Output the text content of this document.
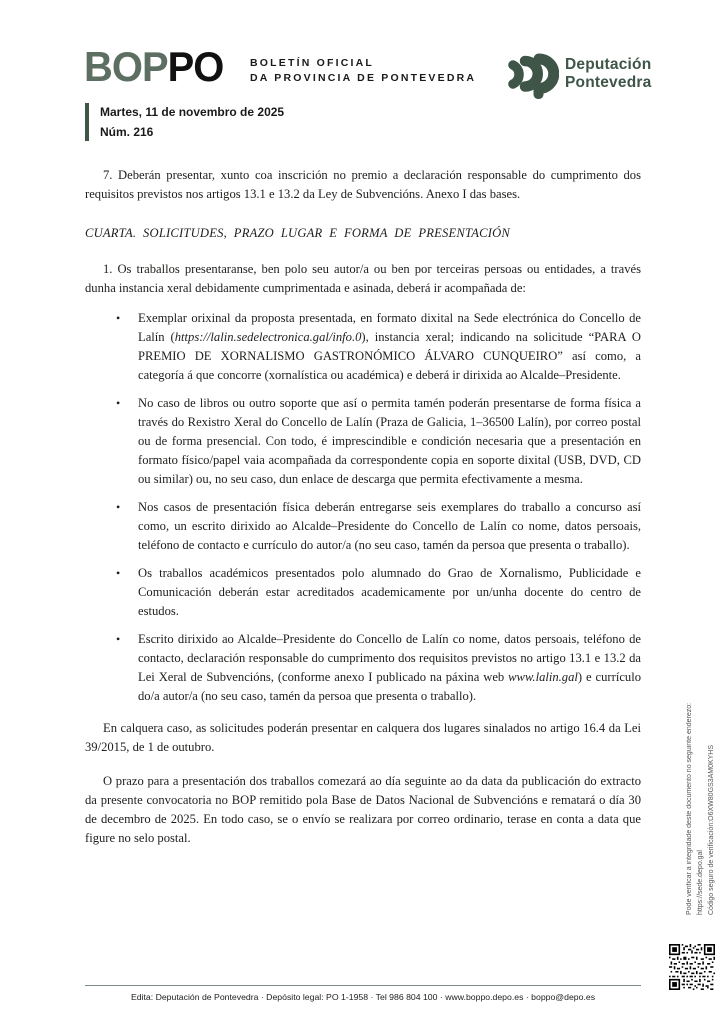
BOPPO	BOLETÍN OFICIAL
DA PROVINCIA DE PONTEVEDRA
Deputación
Pontevedra
Martes, 11 de novembro de 2025
Núm. 216
7. Deberán presentar, xunto coa inscrición no premio a declaración responsable do cumprimento dos requisitos previstos nos artigos 13.1 e 13.2 da Ley de Subvencións. Anexo I das bases.
CUARTA. SOLICITUDES, PRAZO LUGAR E FORMA DE PRESENTACIÓN
1. Os traballos presentaranse, ben polo seu autor/a ou ben por terceiras persoas ou entidades, a través dunha instancia xeral debidamente cumprimentada e asinada, deberá ir acompañada de:
• Exemplar orixinal da proposta presentada, en formato dixital na Sede electrónica do Concello de Lalín (https://lalin.sedelectronica.gal/info.0), instancia xeral; indicando na solicitude “PARA O PREMIO DE XORNALISMO GASTRONÓMICO ÁLVARO CUNQUEIRO” así como, a categoría á que concorre (xornalística ou académica) e deberá ir dirixida ao Alcalde–Presidente.
• No caso de libros ou outro soporte que así o permita tamén poderán presentarse de forma física a través do Rexistro Xeral do Concello de Lalín (Praza de Galicia, 1–36500 Lalín), por correo postal ou de forma presencial. Con todo, é imprescindible e condición necesaria que a presentación en formato físico/papel vaia acompañada da correspondente copia en soporte dixital (USB, DVD, CD ou similar) ou, no seu caso, dun enlace de descarga que permita efectivamente a mesma.
• Nos casos de presentación física deberán entregarse seis exemplares do traballo a concurso así como, un escrito dirixido ao Alcalde–Presidente do Concello de Lalín co nome, datos persoais, teléfono de contacto e currículo do autor/a (no seu caso, tamén da persoa que presenta o traballo).
• Os traballos académicos presentados polo alumnado do Grao de Xornalismo, Publicidade e Comunicación deberán estar acreditados academicamente por un/unha docente do centro de estudos.
• Escrito dirixido ao Alcalde–Presidente do Concello de Lalín co nome, datos persoais, teléfono de contacto, declaración responsable do cumprimento dos requisitos previstos no artigo 13.1 e 13.2 da Lei Xeral de Subvencións, (conforme anexo I publicado na páxina web www.lalin.gal) e currículo do/a autor/a (no seu caso, tamén da persoa que presenta o traballo).
En calquera caso, as solicitudes poderán presentar en calquera dos lugares sinalados no artigo 16.4 da Lei 39/2015, de 1 de outubro.
O prazo para a presentación dos traballos comezará ao día seguinte ao da data da publicación do extracto da presente convocatoria no BOP remitido pola Base de Datos Nacional de Subvencións e rematará o día 30 de decembro de 2025. En todo caso, se o envío se realizara por correo ordinario, terase en conta a data que figure no selo postal.	Pode verificar a integridade deste documento no seguinte enderezo: https://sede.depo.gal Código seguro de verificación:O6XW80GS3AM0KYHS
Edita: Deputación de Pontevedra · Depósito legal: PO 1-1958 · Tel 986 804 100 · www.boppo.depo.es · boppo@depo.es
